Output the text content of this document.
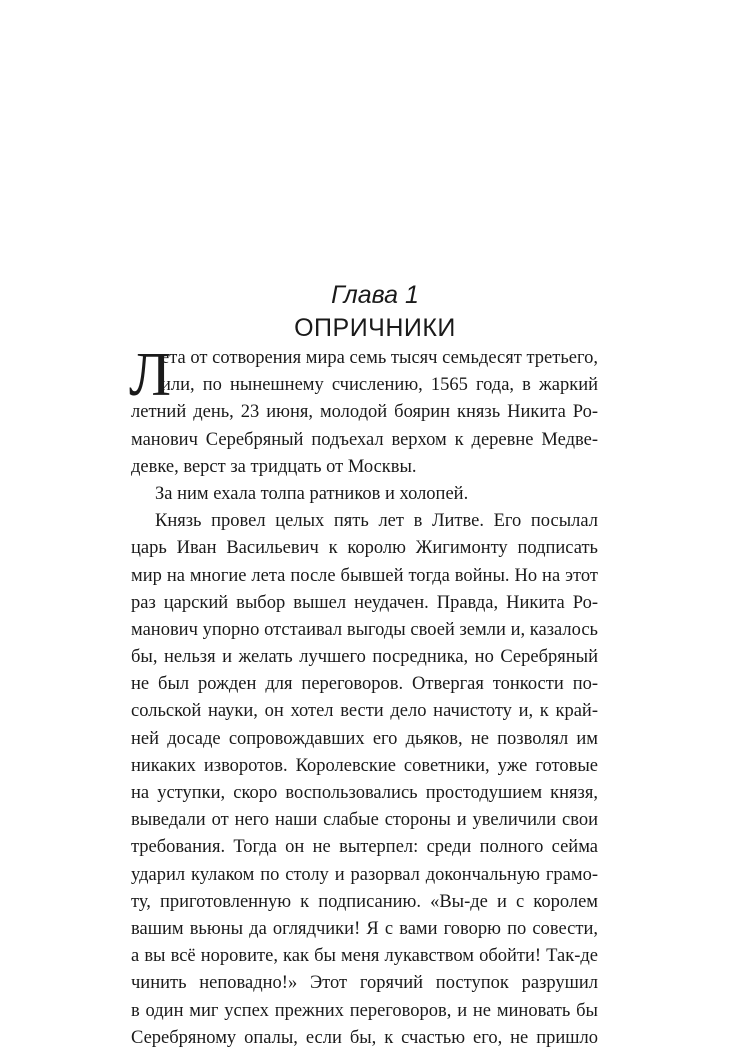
Глава 1
ОПРИЧНИКИ
Л
ета от сотворения мира семь тысяч семьдесят третьего,
или, по нынешнему счислению, 1565 года, в жаркий
летний день, 23 июня, молодой боярин князь Никита Ро-
манович Серебряный подъехал верхом к деревне Медве-
девке, верст за тридцать от Москвы.
За ним ехала толпа ратников и холопей.
Князь провел целых пять лет в Литве. Его посылал
царь Иван Васильевич к королю Жигимонту подписать
мир на многие лета после бывшей тогда войны. Но на этот
раз царский выбор вышел неудачен. Правда, Никита Ро-
манович упорно отстаивал выгоды своей земли и, казалось
бы, нельзя и желать лучшего посредника, но Серебряный
не был рожден для переговоров. Отвергая тонкости по-
сольской науки, он хотел вести дело начистоту и, к край-
ней досаде сопровождавших его дьяков, не позволял им
никаких изворотов. Королевские советники, уже готовые
на уступки, скоро воспользовались простодушием князя,
выведали от него наши слабые стороны и увеличили свои
требования. Тогда он не вытерпел: среди полного сейма
ударил кулаком по столу и разорвал докончальную грамо-
ту, приготовленную к подписанию. «Вы-де и с королем
вашим вьюны да оглядчики! Я с вами говорю по совести,
а вы всё норовите, как бы меня лукавством обойти! Так-де
чинить неповадно!» Этот горячий поступок разрушил
в один миг успех прежних переговоров, и не миновать бы
Серебряному опалы, если бы, к счастью его, не пришло
